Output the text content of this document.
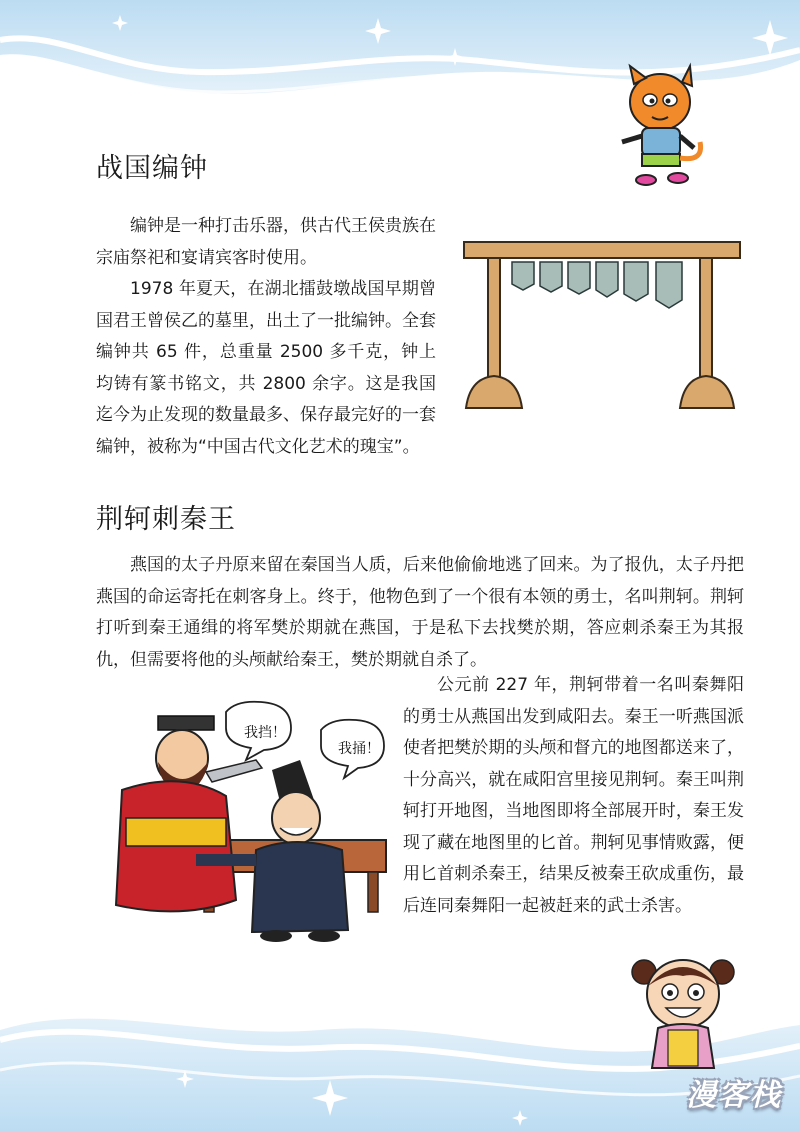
战国编钟

编钟是一种打击乐器，供古代王侯贵族在宗庙祭祀和宴请宾客时使用。

1978 年夏天，在湖北擂鼓墩战国早期曾国君王曾侯乙的墓里，出土了一批编钟。全套编钟共 65 件，总重量 2500 多千克，钟上均铸有篆书铭文，共 2800 余字。这是我国迄今为止发现的数量最多、保存最完好的一套编钟，被称为“中国古代文化艺术的瑰宝”。

荆轲刺秦王

燕国的太子丹原来留在秦国当人质，后来他偷偷地逃了回来。为了报仇，太子丹把燕国的命运寄托在刺客身上。终于，他物色到了一个很有本领的勇士，名叫荆轲。荆轲打听到秦王通缉的将军樊於期就在燕国，于是私下去找樊於期，答应刺杀秦王为其报仇，但需要将他的头颅献给秦王，樊於期就自杀了。

公元前 227 年，荆轲带着一名叫秦舞阳的勇士从燕国出发到咸阳去。秦王一听燕国派使者把樊於期的头颅和督亢的地图都送来了，十分高兴，就在咸阳宫里接见荆轲。秦王叫荆轲打开地图，当地图即将全部展开时，秦王发现了藏在地图里的匕首。荆轲见事情败露，便用匕首刺杀秦王，结果反被秦王砍成重伤，最后连同秦舞阳一起被赶来的武士杀害。

我挡！
我捅！
漫客栈
